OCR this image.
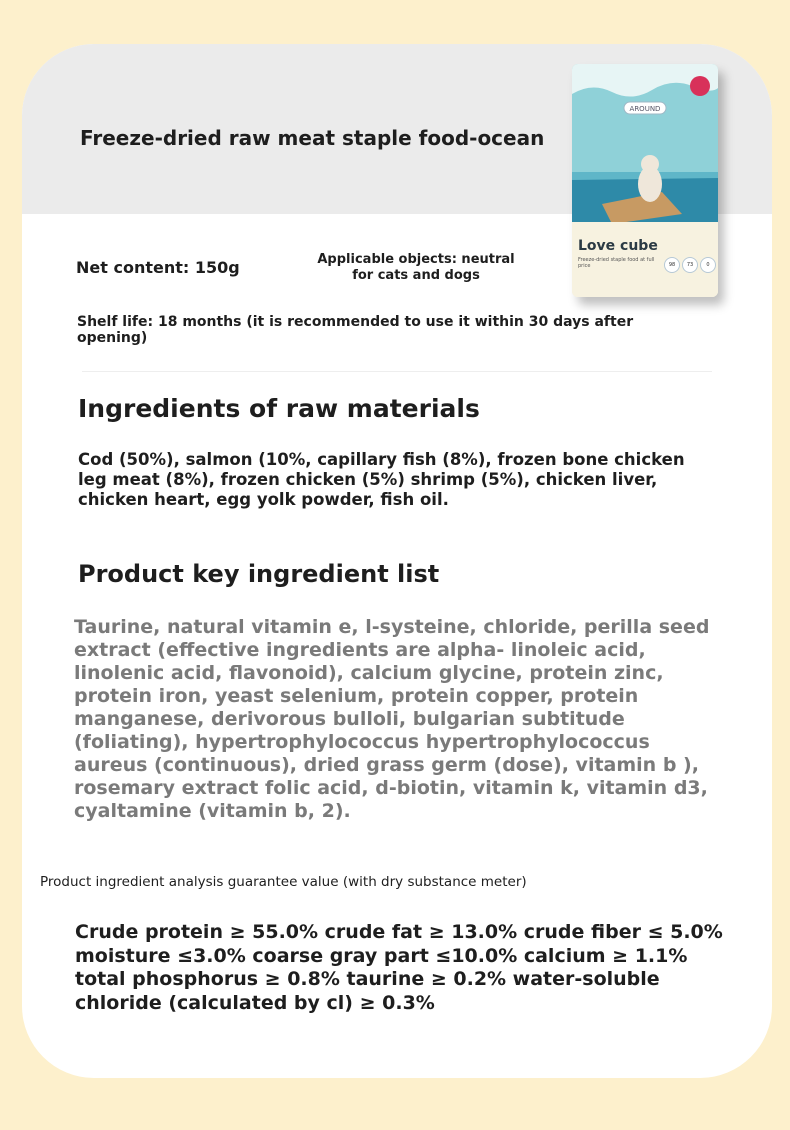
Freeze-dried raw meat staple food-ocean
Net content: 150g	Applicable objects: neutral for cats and dogs
Shelf life: 18 months (it is recommended to use it within 30 days after opening)
Ingredients of raw materials
Cod (50%), salmon (10%, capillary fish (8%), frozen bone chicken leg meat (8%), frozen chicken (5%) shrimp (5%), chicken liver, chicken heart, egg yolk powder, fish oil.
Product key ingredient list
Taurine, natural vitamin e, l-systeine, chloride, perilla seed extract (effective ingredients are alpha- linoleic acid, linolenic acid, flavonoid), calcium glycine, protein zinc, protein iron, yeast selenium, protein copper, protein manganese, derivorous bulloli, bulgarian subtitude (foliating), hypertrophylococcus hypertrophylococcus aureus (continuous), dried grass germ (dose), vitamin b ), rosemary extract folic acid, d-biotin, vitamin k, vitamin d3, cyaltamine (vitamin b, 2).
Product ingredient analysis guarantee value (with dry substance meter)
Crude protein ≥ 55.0% crude fat ≥ 13.0% crude fiber ≤ 5.0% moisture ≤3.0% coarse gray part ≤10.0% calcium ≥ 1.1% total phosphorus ≥ 0.8% taurine ≥ 0.2% water-soluble chloride (calculated by cl) ≥ 0.3%
AROUND
Love cube
Freeze-dried staple food at full price	98	73	0
